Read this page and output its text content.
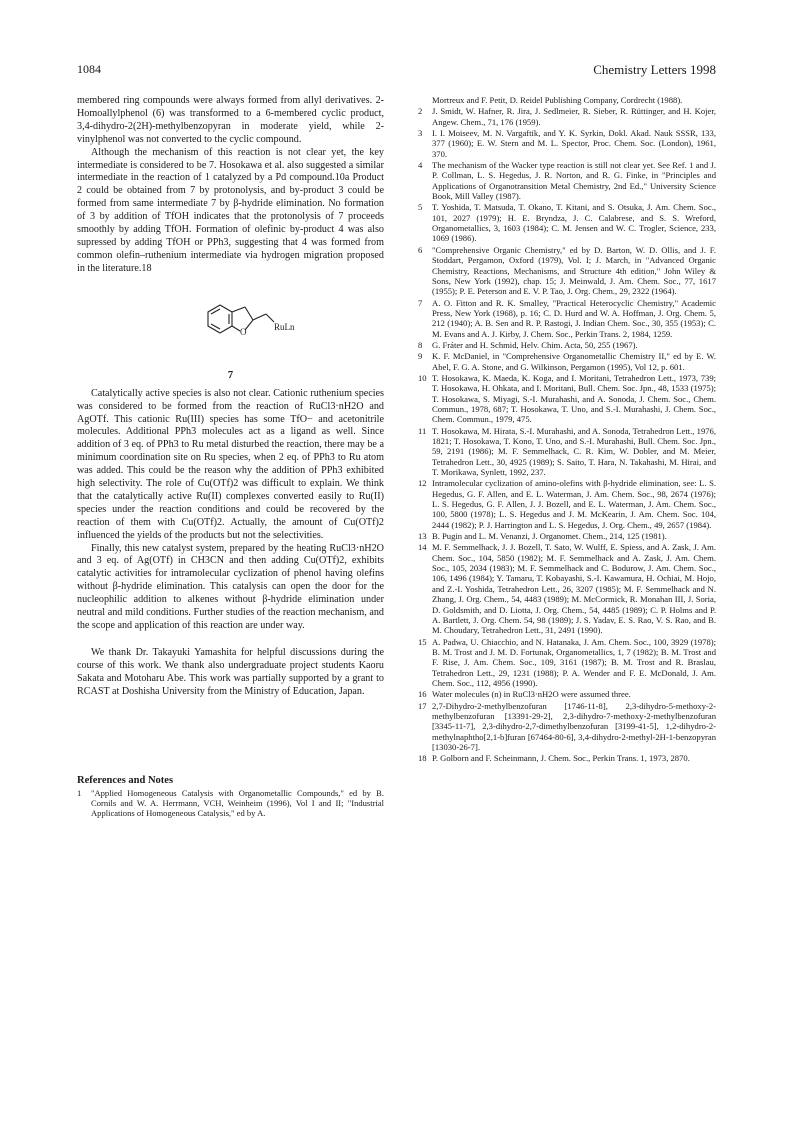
1084	Chemistry Letters 1998

membered ring compounds were always formed from allyl derivatives. 2-Homoallylphenol (6) was transformed to a 6-membered cyclic product, 3,4-dihydro-2(2H)-methylbenzopyran in moderate yield, while 2-vinylphenol was not converted to the cyclic compound.

Although the mechanism of this reaction is not clear yet, the key intermediate is considered to be 7. Hosokawa et al. also suggested a similar intermediate in the reaction of 1 catalyzed by a Pd compound.10a Product 2 could be obtained from 7 by protonolysis, and by-product 3 could be formed from same intermediate 7 by β-hydride elimination. No formation of 3 by addition of TfOH indicates that the protonolysis of 7 proceeds smoothly by adding TfOH. Formation of olefinic by-product 4 was also supressed by adding TfOH or PPh3, suggesting that 4 was formed from common olefin–ruthenium intermediate via hydrogen migration proposed in the literature.18

O	RuLn
7

Catalytically active species is also not clear. Cationic ruthenium species was considered to be formed from the reaction of RuCl3·nH2O and AgOTf. This cationic Ru(III) species has some TfO− and acetonitrile molecules. Additional PPh3 molecules act as a ligand as well. Since addition of 3 eq. of PPh3 to Ru metal disturbed the reaction, there may be a minimum coordination site on Ru species, when 2 eq. of PPh3 to Ru atom was added. This could be the reason why the addition of PPh3 exhibited high selectivity. The role of Cu(OTf)2 was difficult to explain. We think that the catalytically active Ru(II) complexes converted easily to Ru(II) species under the reaction conditions and could be recovered by the reaction of them with Cu(OTf)2. Actually, the amount of Cu(OTf)2 influenced the yields of the products but not the selectivities.

Finally, this new catalyst system, prepared by the heating RuCl3·nH2O and 3 eq. of Ag(OTf) in CH3CN and then adding Cu(OTf)2, exhibits catalytic activities for intramolecular cyclization of phenol having olefins without β-hydride elimination. This catalysis can open the door for the nucleophilic addition to alkenes without β-hydride elimination under neutral and mild conditions. Further studies of the reaction mechanism, and the scope and application of this reaction are under way.

We thank Dr. Takayuki Yamashita for helpful discussions during the course of this work. We thank also undergraduate project students Kaoru Sakata and Motoharu Abe. This work was partially supported by a grant to RCAST at Doshisha University from the Ministry of Education, Japan.

References and Notes

1 "Applied Homogeneous Catalysis with Organometallic Compounds," ed by B. Cornils and W. A. Herrmann, VCH, Weinheim (1996), Vol I and II; "Industrial Applications of Homogeneous Catalysis," ed by A.

Mortreux and F. Petit, D. Reidel Publishing Company, Cordrecht (1988).

2 J. Smidt, W. Hafner, R. Jira, J. Sedlmeier, R. Sieber, R. Rüttinger, and H. Kojer, Angew. Chem., 71, 176 (1959).

3 I. I. Moiseev, M. N. Vargaftik, and Y. K. Syrkin, Dokl. Akad. Nauk SSSR, 133, 377 (1960); E. W. Stern and M. L. Spector, Proc. Chem. Soc. (London), 1961, 370.

4 The mechanism of the Wacker type reaction is still not clear yet. See Ref. 1 and J. P. Collman, L. S. Hegedus, J. R. Norton, and R. G. Finke, in "Principles and Applications of Organotransition Metal Chemistry, 2nd Ed.," University Science Book, Mill Valley (1987).

5 T. Yoshida, T. Matsuda, T. Okano, T. Kitani, and S. Otsuka, J. Am. Chem. Soc., 101, 2027 (1979); H. E. Bryndza, J. C. Calabrese, and S. S. Wreford, Organometallics, 3, 1603 (1984); C. M. Jensen and W. C. Trogler, Science, 233, 1069 (1986).

6 "Comprehensive Organic Chemistry," ed by D. Barton, W. D. Ollis, and J. F. Stoddart, Pergamon, Oxford (1979), Vol. I; J. March, in "Advanced Organic Chemistry, Reactions, Mechanisms, and Structure 4th edition," John Wiley & Sons, New York (1992), chap. 15; J. Meinwald, J. Am. Chem. Soc., 77, 1617 (1955); P. E. Peterson and E. V. P. Tao, J. Org. Chem., 29, 2322 (1964).

7 A. O. Fitton and R. K. Smalley, "Practical Heterocyclic Chemistry," Academic Press, New York (1968), p. 16; C. D. Hurd and W. A. Hoffman, J. Org. Chem. 5, 212 (1940); A. B. Sen and R. P. Rastogi, J. Indian Chem. Soc., 30, 355 (1953); C. M. Evans and A. J. Kirby, J. Chem. Soc., Perkin Trans. 2, 1984, 1259.

8 G. Fráter and H. Schmid, Helv. Chim. Acta, 50, 255 (1967).

9 K. F. McDaniel, in "Comprehensive Organometallic Chemistry II," ed by E. W. Abel, F. G. A. Stone, and G. Wilkinson, Pergamon (1995), Vol 12, p. 601.

10 T. Hosokawa, K. Maeda, K. Koga, and I. Moritani, Tetrahedron Lett., 1973, 739; T. Hosokawa, H. Ohkata, and I. Moritani, Bull. Chem. Soc. Jpn., 48, 1533 (1975); T. Hosokawa, S. Miyagi, S.-I. Murahashi, and A. Sonoda, J. Chem. Soc., Chem. Commun., 1978, 687; T. Hosokawa, T. Uno, and S.-I. Murahashi, J. Chem. Soc., Chem. Commun., 1979, 475.

11 T. Hosokawa, M. Hirata, S.-I. Murahashi, and A. Sonoda, Tetrahedron Lett., 1976, 1821; T. Hosokawa, T. Kono, T. Uno, and S.-I. Murahashi, Bull. Chem. Soc. Jpn., 59, 2191 (1986); M. F. Semmelhack, C. R. Kim, W. Dobler, and M. Meier, Tetrahedron Lett., 30, 4925 (1989); S. Saito, T. Hara, N. Takahashi, M. Hirai, and T. Morikawa, Synlett, 1992, 237.

12 Intramolecular cyclization of amino-olefins with β-hydride elimination, see: L. S. Hegedus, G. F. Allen, and E. L. Waterman, J. Am. Chem. Soc., 98, 2674 (1976); L. S. Hegedus, G. F. Allen, J. J. Bozell, and E. L. Waterman, J. Am. Chem. Soc., 100, 5800 (1978); L. S. Hegedus and J. M. McKearin, J. Am. Chem. Soc. 104, 2444 (1982); P. J. Harrington and L. S. Hegedus, J. Org. Chem., 49, 2657 (1984).

13 B. Pugin and L. M. Venanzi, J. Organomet. Chem., 214, 125 (1981).

14 M. F. Semmelhack, J. J. Bozell, T. Sato, W. Wulff, E. Spiess, and A. Zask, J. Am. Chem. Soc., 104, 5850 (1982); M. F. Semmelhack and A. Zask, J. Am. Chem. Soc., 105, 2034 (1983); M. F. Semmelhack and C. Bodurow, J. Am. Chem. Soc., 106, 1496 (1984); Y. Tamaru, T. Kobayashi, S.-I. Kawamura, H. Ochiai, M. Hojo, and Z.-I. Yoshida, Tetrahedron Lett., 26, 3207 (1985); M. F. Semmelhack and N. Zhang, J. Org. Chem., 54, 4483 (1989); M. McCormick, R. Monahan III, J. Soria, D. Goldsmith, and D. Liotta, J. Org. Chem., 54, 4485 (1989); C. P. Holms and P. A. Bartlett, J. Org. Chem. 54, 98 (1989); J. S. Yadav, E. S. Rao, V. S. Rao, and B. M. Choudary, Tetrahedron Lett., 31, 2491 (1990).

15 A. Padwa, U. Chiacchio, and N. Hatanaka, J. Am. Chem. Soc., 100, 3929 (1978); B. M. Trost and J. M. D. Fortunak, Organometallics, 1, 7 (1982); B. M. Trost and F. Rise, J. Am. Chem. Soc., 109, 3161 (1987); B. M. Trost and R. Braslau, Tetrahedron Lett., 29, 1231 (1988); P. A. Wender and F. E. McDonald, J. Am. Chem. Soc., 112, 4956 (1990).

16 Water molecules (n) in RuCl3·nH2O were assumed three.

17 2,7-Dihydro-2-methylbenzofuran [1746-11-8], 2,3-dihydro-5-methoxy-2-methylbenzofuran [13391-29-2], 2,3-dihydro-7-methoxy-2-methylbenzofuran [3345-11-7], 2,3-dihydro-2,7-dimethylbenzofuran [3199-41-5], 1,2-dihydro-2-methylnaphtho[2,1-b]furan [67464-80-6], 3,4-dihydro-2-methyl-2H-1-benzopyran [13030-26-7].

18 P. Golborn and F. Scheinmann, J. Chem. Soc., Perkin Trans. 1, 1973, 2870.
